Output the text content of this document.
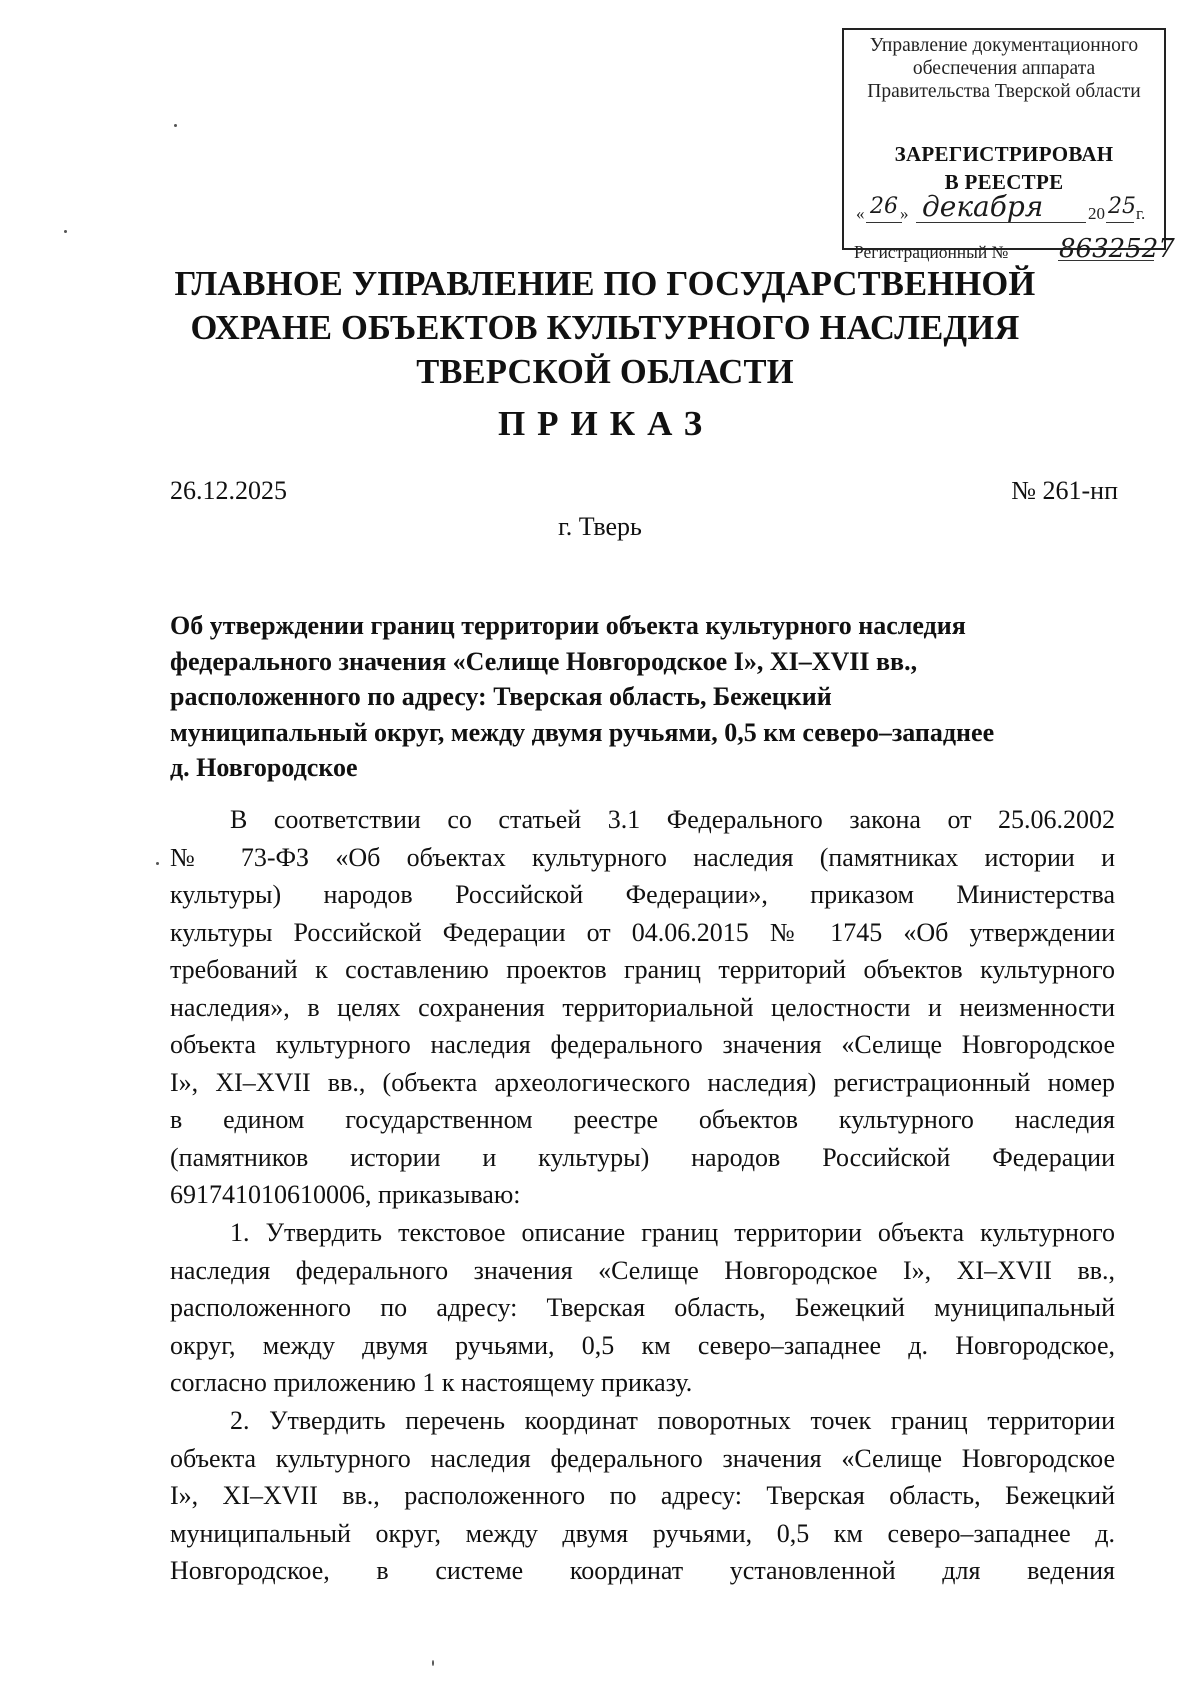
Управление документационного
обеспечения аппарата
Правительства Тверской области
ЗАРЕГИСТРИРОВАН
В РЕЕСТРЕ
« 26 » декабря	20 25 г.
Регистрационный № 8632527
ГЛАВНОЕ УПРАВЛЕНИЕ ПО ГОСУДАРСТВЕННОЙ
ОХРАНЕ ОБЪЕКТОВ КУЛЬТУРНОГО НАСЛЕДИЯ
ТВЕРСКОЙ ОБЛАСТИ
ПРИКАЗ
26.12.2025	№ 261-нп
г. Тверь
Об утверждении границ территории объекта культурного наследия
федерального значения «Селище Новгородское I», XI–XVII вв.,
расположенного по адресу: Тверская область, Бежецкий
муниципальный округ, между двумя ручьями, 0,5 км северо–западнее
д. Новгородское
В соответствии со статьей 3.1 Федерального закона от 25.06.2002
№ 73-ФЗ «Об объектах культурного наследия (памятниках истории и
культуры) народов Российской Федерации», приказом Министерства
культуры Российской Федерации от 04.06.2015 № 1745 «Об утверждении
требований к составлению проектов границ территорий объектов культурного
наследия», в целях сохранения территориальной целостности и неизменности
объекта культурного наследия федерального значения «Селище Новгородское
I», XI–XVII вв., (объекта археологического наследия) регистрационный номер
в едином государственном реестре объектов культурного наследия
(памятников истории и культуры) народов Российской Федерации
691741010610006, приказываю:
1. Утвердить текстовое описание границ территории объекта культурного
наследия федерального значения «Селище Новгородское I», XI–XVII вв.,
расположенного по адресу: Тверская область, Бежецкий муниципальный
округ, между двумя ручьями, 0,5 км северо–западнее д. Новгородское,
согласно приложению 1 к настоящему приказу.
2. Утвердить перечень координат поворотных точек границ территории
объекта культурного наследия федерального значения «Селище Новгородское
I», XI–XVII вв., расположенного по адресу: Тверская область, Бежецкий
муниципальный округ, между двумя ручьями, 0,5 км северо–западнее д.
Новгородское, в системе координат установленной для ведения
